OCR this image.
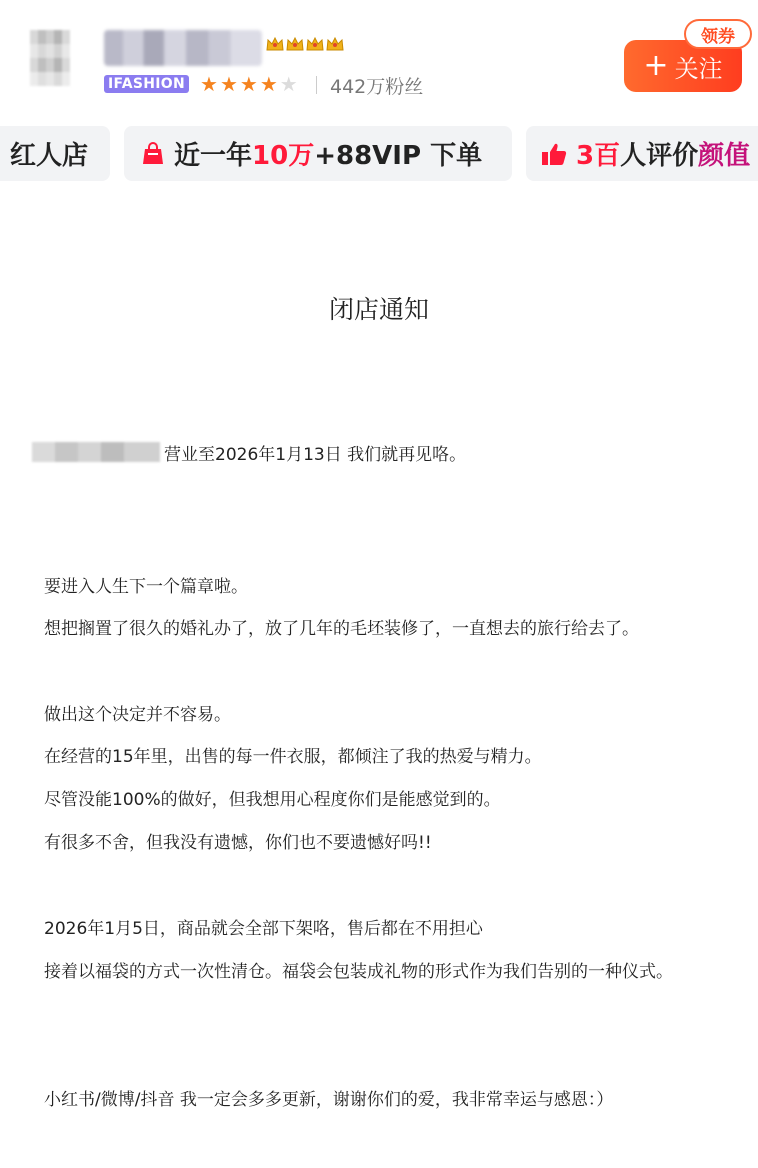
IFASHION ★ ★ ★ ★ ★ 442万粉丝
+ 关注
领券
红人店	近一年 10万 +88VIP 下单	3百 人评价 颜值
闭店通知
营业至2026年1月13日 我们就再见咯。
要进入人生下一个篇章啦。
想把搁置了很久的婚礼办了，放了几年的毛坯装修了，一直想去的旅行给去了。
做出这个决定并不容易。
在经营的15年里，出售的每一件衣服，都倾注了我的热爱与精力。
尽管没能100%的做好，但我想用心程度你们是能感觉到的。
有很多不舍，但我没有遗憾，你们也不要遗憾好吗!!
2026年1月5日，商品就会全部下架咯，售后都在不用担心
接着以福袋的方式一次性清仓。福袋会包装成礼物的形式作为我们告别的一种仪式。
小红书/微博/抖音 我一定会多多更新，谢谢你们的爱，我非常幸运与感恩：）
